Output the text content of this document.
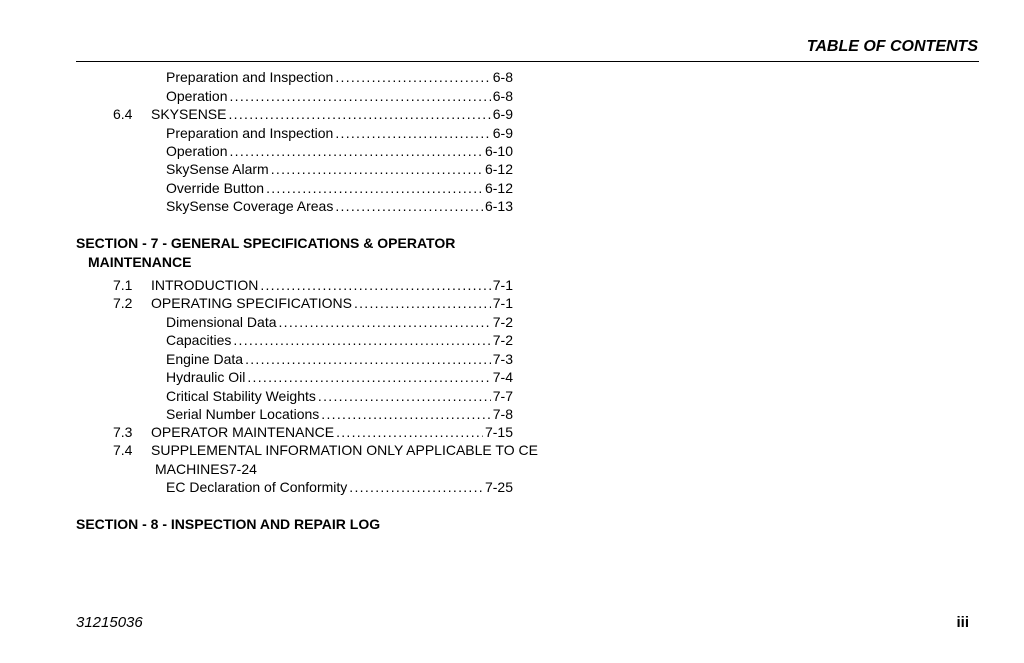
TABLE OF CONTENTS
Preparation and Inspection . . .	6-8
Operation . . .	6-8
6.4 SKYSENSE . . .	6-9
Preparation and Inspection . . .	6-9
Operation . . .	6-10
SkySense Alarm . . .	6-12
Override Button . . .	6-12
SkySense Coverage Areas . . .	6-13
SECTION - 7 - GENERAL SPECIFICATIONS & OPERATOR
MAINTENANCE
7.1 INTRODUCTION . . .	7-1
7.2 OPERATING SPECIFICATIONS . . .	7-1
Dimensional Data . . .	7-2
Capacities . . .	7-2
Engine Data . . .	7-3
Hydraulic Oil . . .	7-4
Critical Stability Weights . . .	7-7
Serial Number Locations . . .	7-8
7.3 OPERATOR MAINTENANCE . . .	7-15
7.4 SUPPLEMENTAL INFORMATION ONLY APPLICABLE TO CE
MACHINES7-24
EC Declaration of Conformity . . .	7-25
SECTION - 8 - INSPECTION AND REPAIR LOG
31215036	iii
